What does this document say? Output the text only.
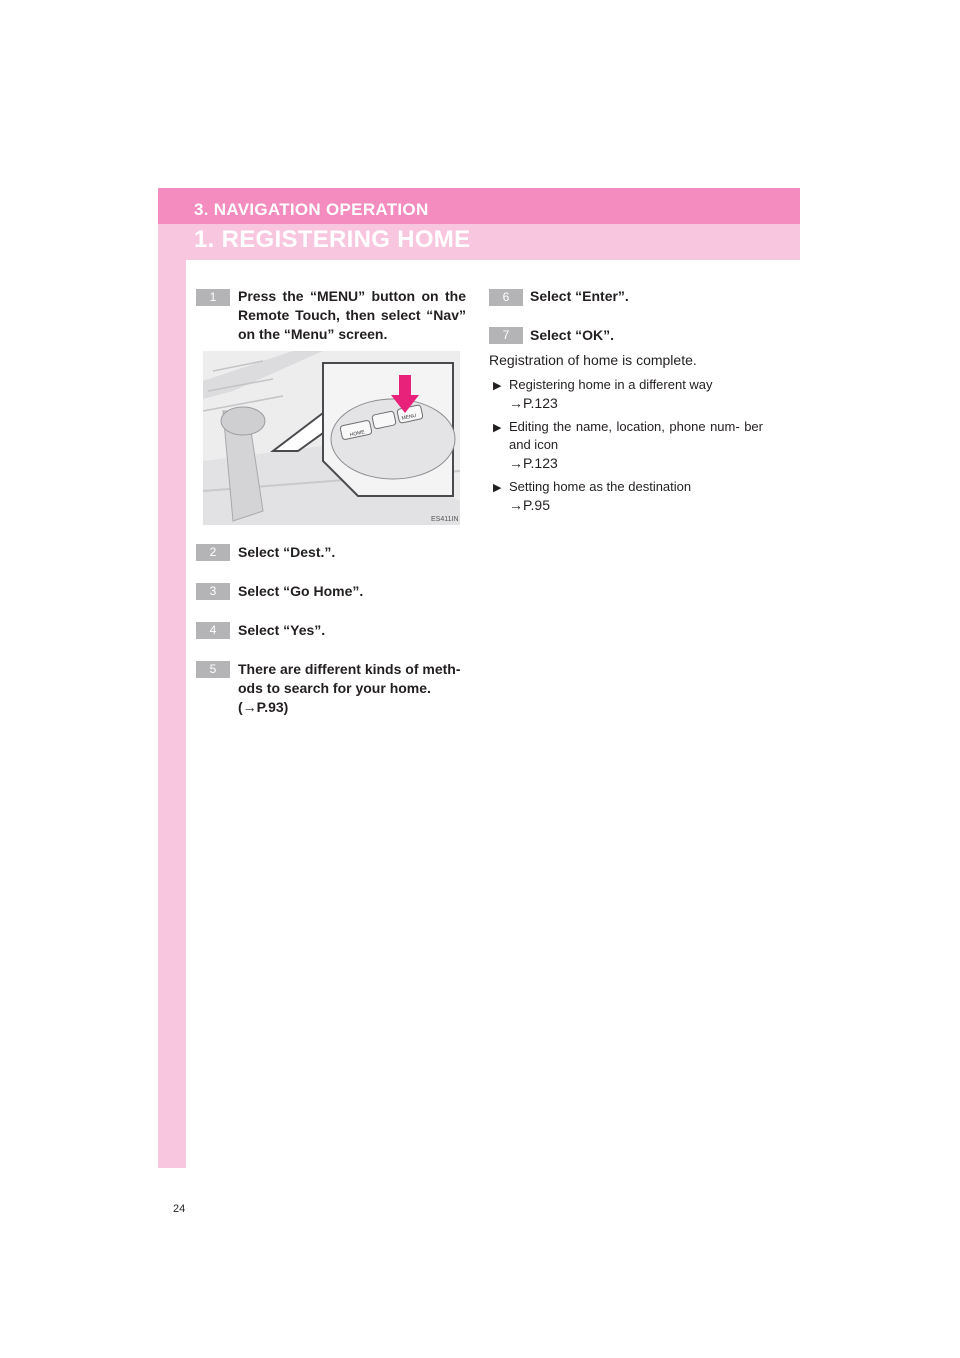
3. NAVIGATION OPERATION
1. REGISTERING HOME
1	Press the “MENU” button on the Remote Touch, then select “Nav” on the “Menu” screen.
HOME
MENU
ES411IN
2	Select “Dest.”.
3	Select “Go Home”.
4	Select “Yes”.
5	There are different kinds of meth- ods to search for your home. (→P.93)
6	Select “Enter”.
7	Select “OK”.
Registration of home is complete.
▶ Registering home in a different way
→P.123
▶ Editing the name, location, phone num- ber and icon
→P.123
▶ Setting home as the destination
→P.95
24
